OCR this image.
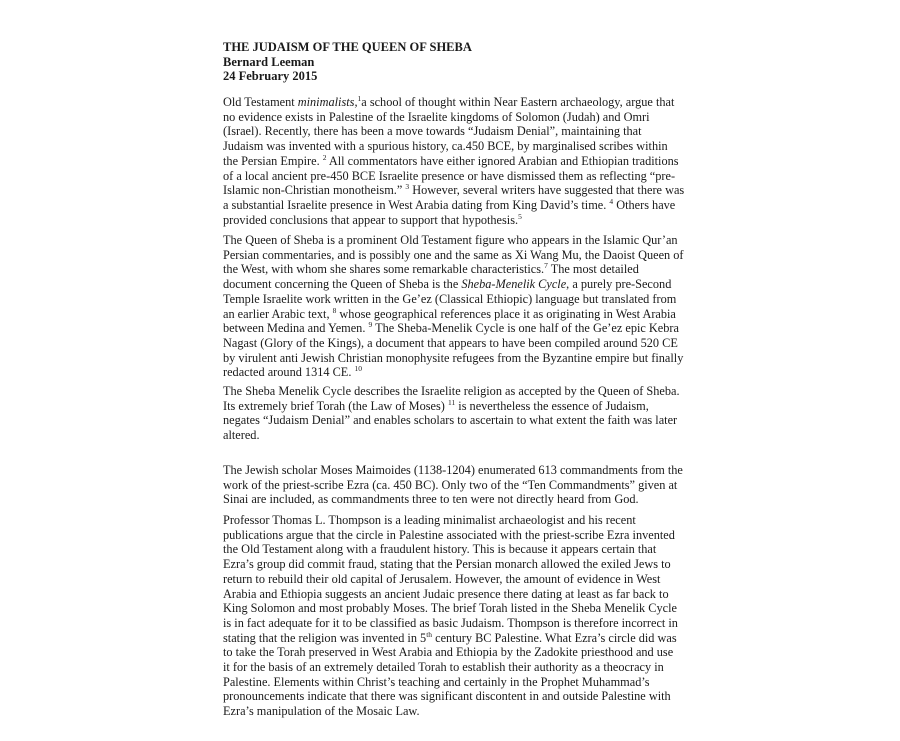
THE JUDAISM OF THE QUEEN OF SHEBA
Bernard Leeman
24 February 2015
Old Testament minimalists,$^1$a school of thought within Near Eastern archaeology, argue that
no evidence exists in Palestine of the Israelite kingdoms of Solomon (Judah) and Omri
(Israel). Recently, there has been a move towards “Judaism Denial”, maintaining that
Judaism was invented with a spurious history, ca.450 BCE, by marginalised scribes within
the Persian Empire. $^2$ All commentators have either ignored Arabian and Ethiopian traditions
of a local ancient pre-450 BCE Israelite presence or have dismissed them as reflecting “pre-
Islamic non-Christian monotheism.” $^3$ However, several writers have suggested that there was
a substantial Israelite presence in West Arabia dating from King David’s time. $^4$ Others have
provided conclusions that appear to support that hypothesis.$^5$
The Queen of Sheba is a prominent Old Testament figure who appears in the Islamic Qur’an
Persian commentaries, and is possibly one and the same as Xi Wang Mu, the Daoist Queen of
the West, with whom she shares some remarkable characteristics.$^7$ The most detailed
document concerning the Queen of Sheba is the Sheba-Menelik Cycle, a purely pre-Second
Temple Israelite work written in the Ge’ez (Classical Ethiopic) language but translated from
an earlier Arabic text, $^8$ whose geographical references place it as originating in West Arabia
between Medina and Yemen. $^9$ The Sheba-Menelik Cycle is one half of the Ge’ez epic Kebra
Nagast (Glory of the Kings), a document that appears to have been compiled around 520 CE
by virulent anti Jewish Christian monophysite refugees from the Byzantine empire but finally
redacted around 1314 CE. $^{10}$
The Sheba Menelik Cycle describes the Israelite religion as accepted by the Queen of Sheba.
Its extremely brief Torah (the Law of Moses) $^{11}$ is nevertheless the essence of Judaism,
negates “Judaism Denial” and enables scholars to ascertain to what extent the faith was later
altered.
The Jewish scholar Moses Maimoides (1138-1204) enumerated 613 commandments from the
work of the priest-scribe Ezra (ca. 450 BC). Only two of the “Ten Commandments” given at
Sinai are included, as commandments three to ten were not directly heard from God.
Professor Thomas L. Thompson is a leading minimalist archaeologist and his recent
publications argue that the circle in Palestine associated with the priest-scribe Ezra invented
the Old Testament along with a fraudulent history. This is because it appears certain that
Ezra’s group did commit fraud, stating that the Persian monarch allowed the exiled Jews to
return to rebuild their old capital of Jerusalem. However, the amount of evidence in West
Arabia and Ethiopia suggests an ancient Judaic presence there dating at least as far back to
King Solomon and most probably Moses. The brief Torah listed in the Sheba Menelik Cycle
is in fact adequate for it to be classified as basic Judaism. Thompson is therefore incorrect in
stating that the religion was invented in 5th century BC Palestine. What Ezra’s circle did was
to take the Torah preserved in West Arabia and Ethiopia by the Zadokite priesthood and use
it for the basis of an extremely detailed Torah to establish their authority as a theocracy in
Palestine. Elements within Christ’s teaching and certainly in the Prophet Muhammad’s
pronouncements indicate that there was significant discontent in and outside Palestine with
Ezra’s manipulation of the Mosaic Law.
